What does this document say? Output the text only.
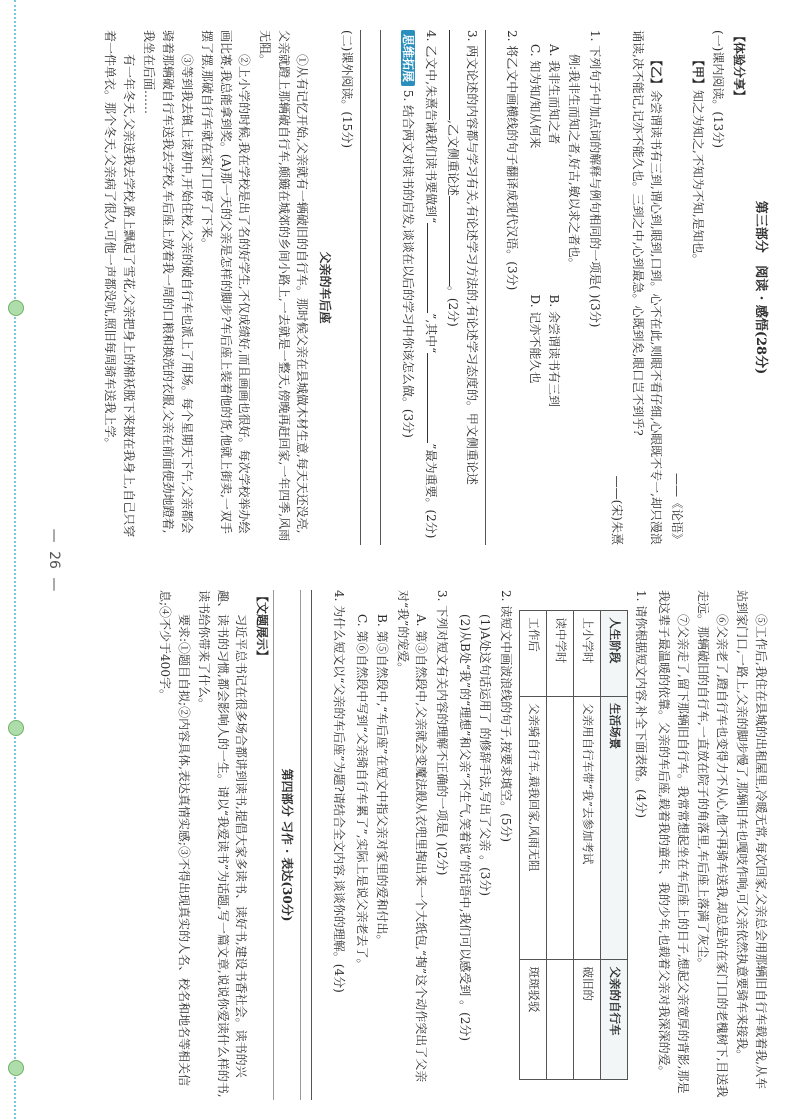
第三部分 阅读 · 感悟(28分)
【体验分享】

(一)课内阅读。(13分)

【甲】知之为知之,不知为不知,是知也。

——《论语》

【乙】余尝谓读书有三到,谓心到,眼到,口到。心不在此,则眼不看仔细,心眼既不专一,却只漫浪诵读,决不能记,记亦不能久也。三到之中,心到最急。心既到矣,眼口岂不到乎?

——(宋)朱熹

1. 下列句子中加点词的解释与例句相同的一项是( )(3分)

例:我非生而知之者,好古,敏以求之者也。

A. 我非生而知之者
B. 余尝谓读书有三到
C. 知为知/知从何来
D. 记亦不能久也

2. 将乙文中画横线的句子翻译成现代汉语。(3分)

3. 两文论述的内容都与学习有关,有论述学习方法的,有论述学习态度的。甲文侧重论述,乙文侧重论述。(2分)

4. 乙文中,朱熹告诫我们读书要做到“”,其中“”最为重要。(2分)

思维拓展 5. 结合两文对读书的启发,谈谈在以后的学习中你该怎么做。(3分)

(二)课外阅读。(15分)

父亲的车后座

①从有记忆开始,父亲就有一辆破旧的自行车。那时候父亲在县城做木材生意,每天天还没亮,父亲就蹬上那辆破自行车,颠簸在城郊的乡间小路上,一去就是一整天,傍晚再赶回家,一年四季,风雨无阻。

②上小学的时候,我在学校是出了名的好学生,不仅成绩好,而且画画也很好。每次学校举办绘画比赛,我总能拿到奖。(A)那一天的父亲是怎样的脚步?车后座上装着他的货,他就上街卖,一双手摆了摆,那破自行车就在家门口停了下来。

③等到我去镇上读初中,开始住校,父亲的破自行车也派上了用场。每个星期天下午,父亲都会骑着那辆破自行车送我去学校,车后座上放着我一周的口粮和换洗的衣服,父亲在前面使劲地蹬着,我坐在后面……

有一年冬天,父亲送我去学校,路上飘起了雪花,父亲把身上的棉袄脱下来披在我身上,自己只穿着一件单衣。那个冬天,父亲病了很久,可他一声都没吭,照旧每周骑车送我上学。

⑤工作后,我住在县城的出租屋里,冷暖无常,每次回家,父亲总会用那辆旧自行车载着我,从车站到家门口,一路上,父亲的脚步慢了,那辆旧车也嘎吱作响,可父亲依然执意要骑车来接我。

⑥父亲老了,蹬自行车也变得力不从心,他不再骑车送我,却总是站在家门口的老槐树下,目送我走远。那辆破旧的自行车,一直放在院子的角落里,车后座上落满了灰尘。

⑦父亲走了,留下那辆旧自行车。我常常想起坐在车后座上的日子,想起父亲宽厚的背影,那是我这辈子最温暖的依靠。父亲的车后座,载着我的童年、我的少年,也载着父亲对我深深的爱。

1. 请你根据短文内容,补全下面表格。(4分)

人生阶段	生活场景	父亲的自行车
上小学时	父亲用自行车带“我”去参加考试	破旧的
读中学时		
工作后	父亲骑自行车,载我回家,风雨无阻	斑斑驳驳

2. 读短文中画波浪线的句子,按要求填空。(5分)

(1)A处这句话运用了 的修辞手法,写出了父亲 。(3分)

(2)从B处“我”的“理想”和父亲“不生气,笑着说”的话语中,我们可以感受到 。(2分)

3. 下列对短文有关内容的理解不正确的一项是( )(2分)

A. 第③自然段中,父亲就会变魔法般从衣兜里掏出来一个大纸包,“掏”这个动作突出了父亲对“我”的宠爱。

B. 第⑤自然段中,“车后座”在短文中指父亲对家里的爱和付出。

C. 第⑥自然段中写到“父亲骑自行车累了”,实际上是说父亲老去了。

4. 为什么短文以“父亲的车后座”为题?请结合全文内容,谈谈你的理解。(4分)

第四部分 习作 · 表达(30分)
【文题展示】

习近平总书记在很多场合都讲到读书,提倡大家多读书、读好书,建设书香社会。读书的兴趣、读书的习惯,都会影响人的一生。请以“我爱读书”为话题,写一篇文章,说说你爱读什么样的书,读书给你带来了什么。

要求:①题目自拟;②内容具体,表达真情实感;③不得出现真实的人名、校名和地名等相关信息;④不少于400字。

— 26 —
